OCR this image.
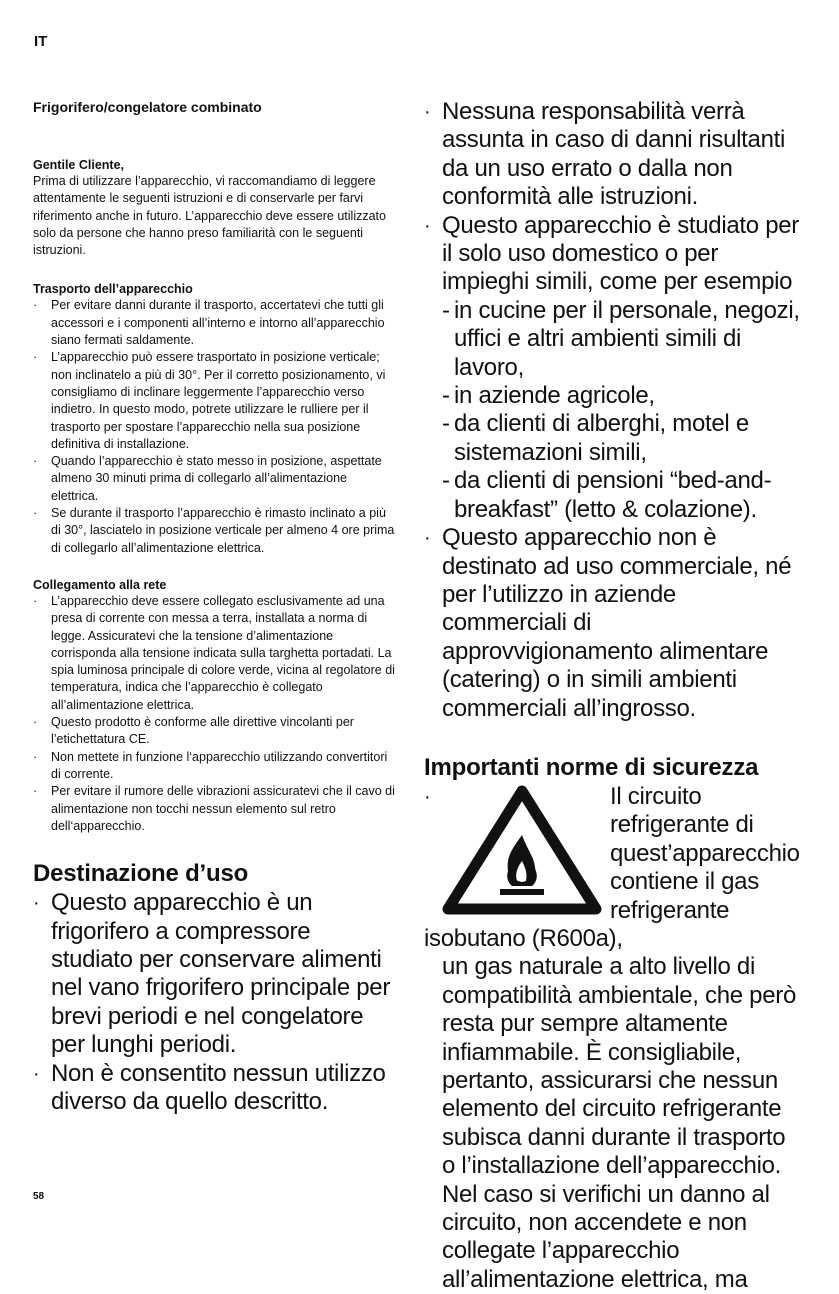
IT

Frigorifero/congelatore combinato

Gentile Cliente,

Prima di utilizzare l’apparecchio, vi raccomandiamo di leggere attentamente le seguenti istruzioni e di conservarle per farvi riferimento anche in futuro. L’apparecchio deve essere utilizzato solo da persone che hanno preso familiarità con le seguenti istruzioni.

Trasporto dell’apparecchio

· Per evitare danni durante il trasporto, accertatevi che tutti gli accessori e i componenti all’interno e intorno all’apparecchio siano fermati saldamente.
· L’apparecchio può essere trasportato in posizione verticale; non inclinatelo a più di 30°. Per il corretto posizionamento, vi consigliamo di inclinare leggermente l’apparecchio verso indietro. In questo modo, potrete utilizzare le rulliere per il trasporto per spostare l’apparecchio nella sua posizione definitiva di installazione.
· Quando l’apparecchio è stato messo in posizione, aspettate almeno 30 minuti prima di collegarlo all’alimentazione elettrica.
· Se durante il trasporto l’apparecchio è rimasto inclinato a più di 30°, lasciatelo in posizione verticale per almeno 4 ore prima di collegarlo all’alimentazione elettrica.

Collegamento alla rete

· L’apparecchio deve essere collegato esclusivamente ad una presa di corrente con messa a terra, installata a norma di legge. Assicuratevi che la tensione d’alimentazione corrisponda alla tensione indicata sulla targhetta portadati. La spia luminosa principale di colore verde, vicina al regolatore di temperatura, indica che l’apparecchio è collegato all’alimentazione elettrica.
· Questo prodotto è conforme alle direttive vincolanti per l’etichettatura CE.
· Non mettete in funzione l‘apparecchio utilizzando convertitori di corrente.
· Per evitare il rumore delle vibrazioni assicuratevi che il cavo di alimentazione non tocchi nessun elemento sul retro dell‘apparecchio.

Destinazione d’uso

· Questo apparecchio è un frigorifero a compressore studiato per conservare alimenti nel vano frigorifero principale per brevi periodi e nel congelatore per lunghi periodi.
· Non è consentito nessun utilizzo diverso da quello descritto.
· Nessuna responsabilità verrà assunta in caso di danni risultanti da un uso errato o dalla non conformità alle istruzioni.
· Questo apparecchio è studiato per il solo uso domestico o per impieghi simili, come per esempio
- in cucine per il personale, negozi, uffici e altri ambienti simili di lavoro,
- in aziende agricole,
- da clienti di alberghi, motel e sistemazioni simili,
- da clienti di pensioni “bed-and-breakfast” (letto & colazione).
· Questo apparecchio non è destinato ad uso commerciale, né per l’utilizzo in aziende commerciali di approvvigionamento alimentare (catering) o in simili ambienti commerciali all’ingrosso.

Importanti norme di sicurezza

·	Il circuito refrigerante di quest’apparecchio contiene il gas refrigerante isobutano (R600a),
un gas naturale a alto livello di compatibilità ambientale, che però resta pur sempre altamente infiammabile. È consigliabile, pertanto, assicurarsi che nessun elemento del circuito refrigerante subisca danni durante il trasporto o l’installazione dell’apparecchio. Nel caso si verifichi un danno al circuito, non accendete e non collegate l’apparecchio all’alimentazione elettrica, ma
58
